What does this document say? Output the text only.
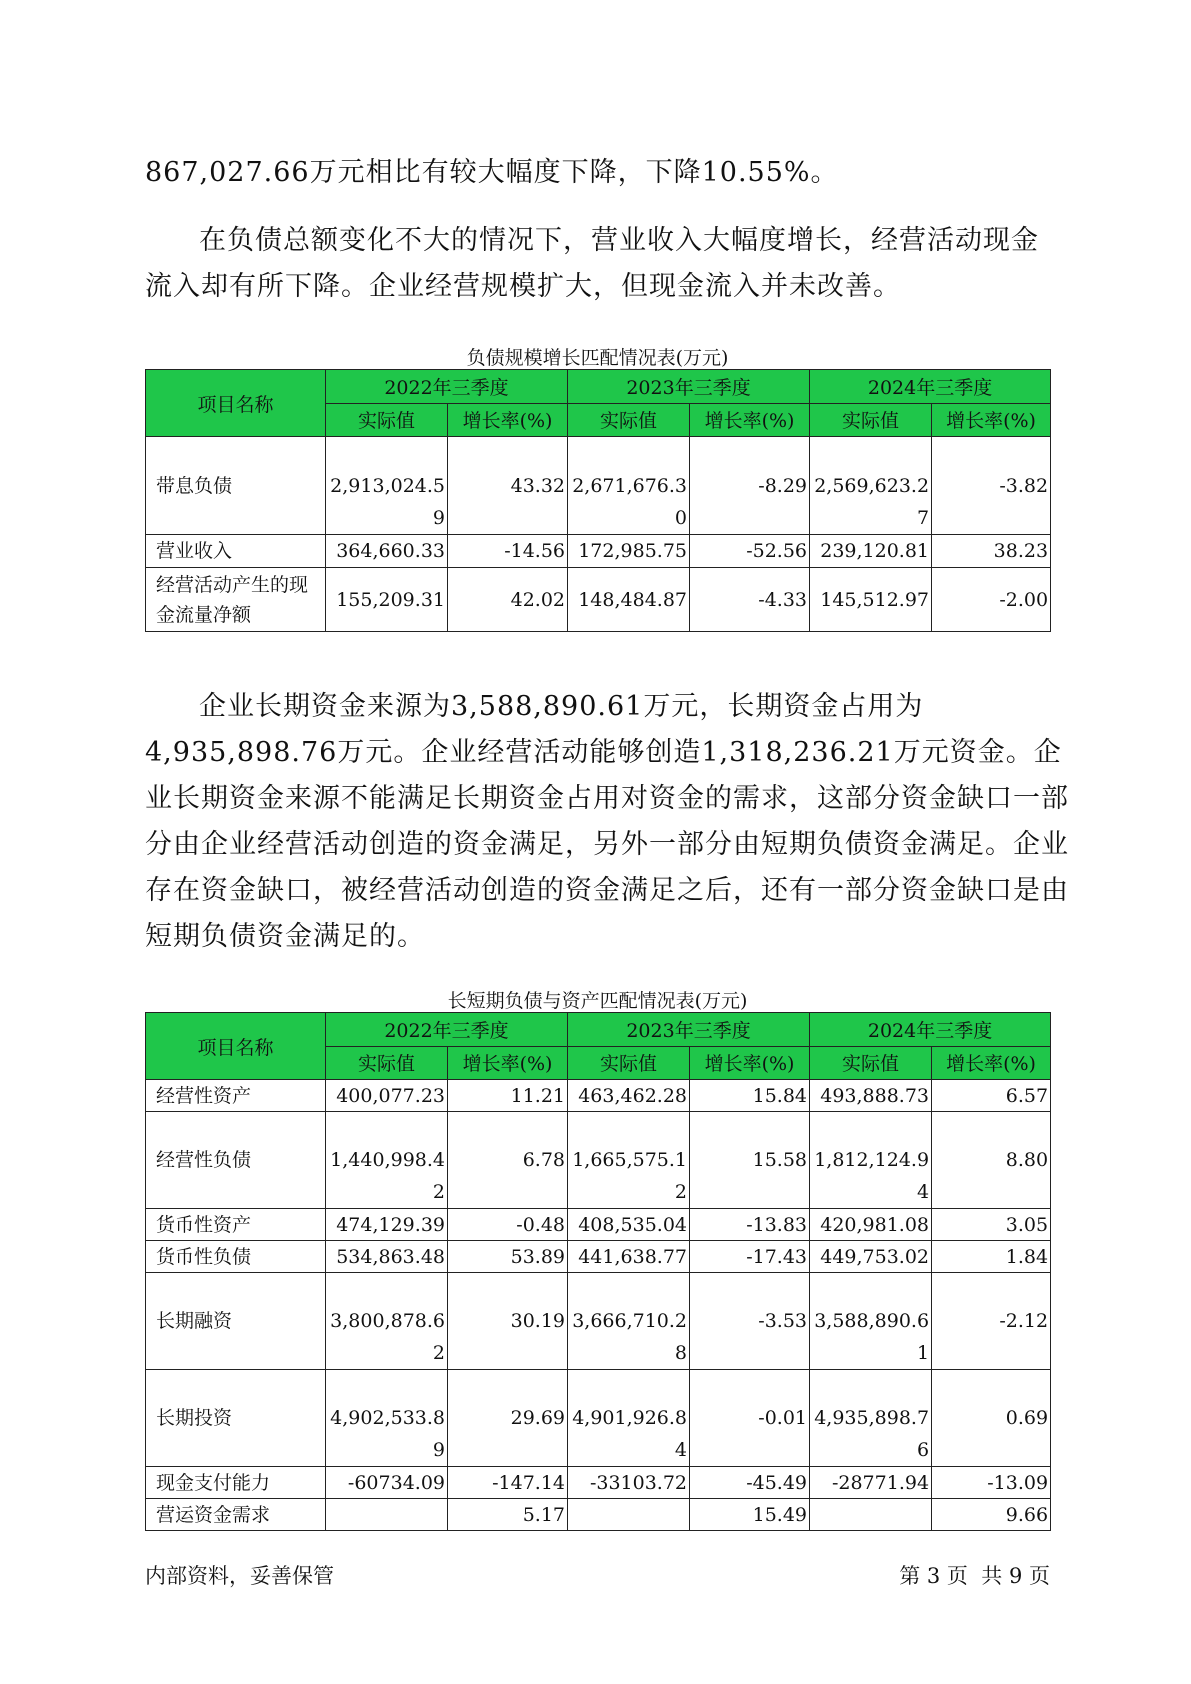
867,027.66万元相比有较大幅度下降，下降10.55%。

在负债总额变化不大的情况下，营业收入大幅度增长，经营活动现金流入却有所下降。企业经营规模扩大，但现金流入并未改善。

负债规模增长匹配情况表(万元)
项目名称	2022年三季度		2023年三季度		2024年三季度	
	实际值	增长率(%)	实际值	增长率(%)	实际值	增长率(%)
带息负债	2,913,024.59	43.32	2,671,676.30	-8.29	2,569,623.27	-3.82
营业收入	364,660.33	-14.56	172,985.75	-52.56	239,120.81	38.23
经营活动产生的现金流量净额	155,209.31	42.02	148,484.87	-4.33	145,512.97	-2.00

企业长期资金来源为3,588,890.61万元，长期资金占用为4,935,898.76万元。企业经营活动能够创造1,318,236.21万元资金。企业长期资金来源不能满足长期资金占用对资金的需求，这部分资金缺口一部分由企业经营活动创造的资金满足，另外一部分由短期负债资金满足。企业存在资金缺口，被经营活动创造的资金满足之后，还有一部分资金缺口是由短期负债资金满足的。

长短期负债与资产匹配情况表(万元)
项目名称	2022年三季度		2023年三季度		2024年三季度	
	实际值	增长率(%)	实际值	增长率(%)	实际值	增长率(%)
经营性资产	400,077.23	11.21	463,462.28	15.84	493,888.73	6.57
经营性负债	1,440,998.42	6.78	1,665,575.12	15.58	1,812,124.94	8.80
货币性资产	474,129.39	-0.48	408,535.04	-13.83	420,981.08	3.05
货币性负债	534,863.48	53.89	441,638.77	-17.43	449,753.02	1.84
长期融资	3,800,878.62	30.19	3,666,710.28	-3.53	3,588,890.61	-2.12
长期投资	4,902,533.89	29.69	4,901,926.84	-0.01	4,935,898.76	0.69
现金支付能力	-60734.09	-147.14	-33103.72	-45.49	-28771.94	-13.09
营运资金需求		5.17		15.49		9.66
内部资料，妥善保管	第 3 页  共 9 页
